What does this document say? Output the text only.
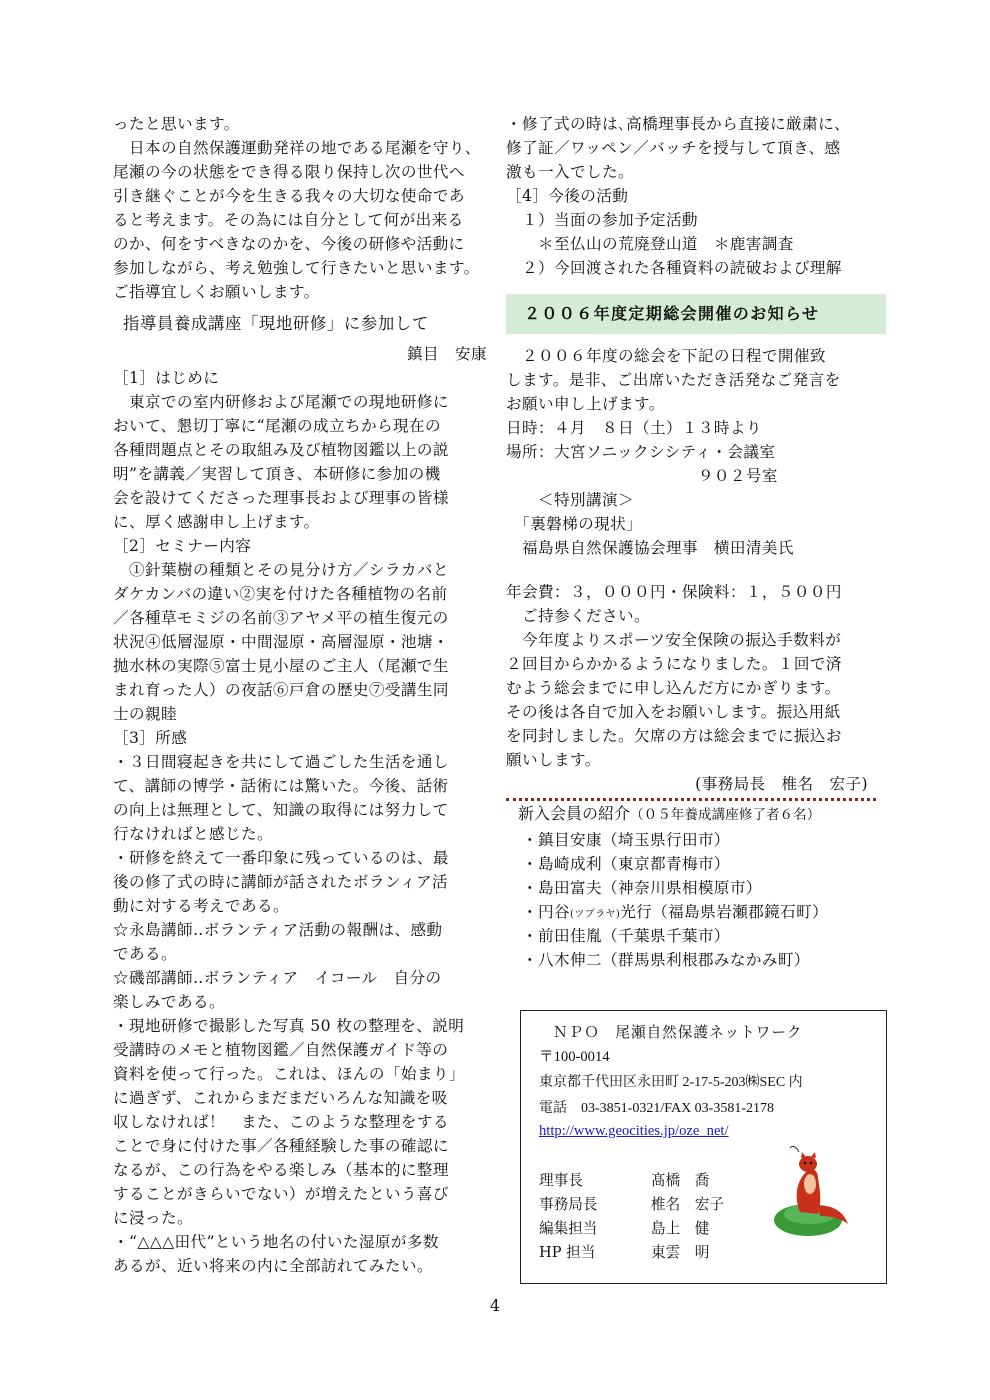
ったと思います。
　日本の自然保護運動発祥の地である尾瀬を守り、
尾瀬の今の状態をでき得る限り保持し次の世代へ
引き継ぐことが今を生きる我々の大切な使命であ
ると考えます。その為には自分として何が出来る
のか、何をすべきなのかを、今後の研修や活動に
参加しながら、考え勉強して行きたいと思います。
ご指導宜しくお願いします。
指導員養成講座「現地研修」に参加して
鎮目　安康
［1］はじめに
　東京での室内研修および尾瀬での現地研修に
おいて、懇切丁寧に“尾瀬の成立ちから現在の
各種問題点とその取組み及び植物図鑑以上の説
明”を講義／実習して頂き、本研修に参加の機
会を設けてくださった理事長および理事の皆様
に、厚く感謝申し上げます。
［2］セミナー内容
　①針葉樹の種類とその見分け方／シラカバと
ダケカンバの違い②実を付けた各種植物の名前
／各種草モミジの名前③アヤメ平の植生復元の
状況④低層湿原・中間湿原・高層湿原・池塘・
拋水林の実際⑤富士見小屋のご主人（尾瀬で生
まれ育った人）の夜話⑥戸倉の歴史⑦受講生同
士の親睦
［3］所感
・３日間寝起きを共にして過ごした生活を通し
て、講師の博学・話術には驚いた。今後、話術
の向上は無理として、知識の取得には努力して
行なければと感じた。
・研修を終えて一番印象に残っているのは、最
後の修了式の時に講師が話されたボランィア活
動に対する考えである。
☆永島講師‥ボランティア活動の報酬は、感動
である。
☆磯部講師‥ボランティア　イコール　自分の
楽しみである。
・現地研修で撮影した写真 50 枚の整理を、説明
受講時のメモと植物図鑑／自然保護ガイド等の
資料を使って行った。これは、ほんの「始まり」
に過ぎず、これからまだまだいろんな知識を吸
収しなければ！　また、このような整理をする
ことで身に付けた事／各種経験した事の確認に
なるが、この行為をやる楽しみ（基本的に整理
することがきらいでない）が増えたという喜び
に浸った。
・“△△△田代”という地名の付いた湿原が多数
あるが、近い将来の内に全部訪れてみたい。
・修了式の時は､高橋理事長から直接に厳粛に、
修了証／ワッペン／バッチを授与して頂き、感
激も一入でした。
［4］今後の活動
　１）当面の参加予定活動
　　＊至仏山の荒廃登山道　＊鹿害調査
　２）今回渡された各種資料の読破および理解
２００６年度定期総会開催のお知らせ
　２００６年度の総会を下記の日程で開催致
します。是非、ご出席いただき活発なご発言を
お願い申し上げます。
日時：４月　８日（土）１３時より
場所：大宮ソニックシシティ・会議室
　　　　　　　　　　　　９０２号室
　　＜特別講演＞
　「裏磐梯の現状」
　福島県自然保護協会理事　横田清美氏
年会費：３，０００円・保険料：１，５００円
　ご持参ください。
　今年度よりスポーツ安全保険の振込手数料が
２回目からかかるようになりました。１回で済
むよう総会までに申し込んだ方にかぎります。
その後は各自で加入をお願いします。振込用紙
を同封しました。欠席の方は総会までに振込お
願いします。
(事務局長　椎名　宏子)
新入会員の紹介（０５年養成講座修了者６名）
・鎮目安康（埼玉県行田市）
・島崎成利（東京都青梅市）
・島田富夫（神奈川県相模原市）
・円谷(ツブラヤ)光行（福島県岩瀬郡鏡石町）
・前田佳胤（千葉県千葉市）
・八木伸二（群馬県利根郡みなかみ町）
ＮＰＯ　尾瀬自然保護ネットワーク
〒100-0014
東京都千代田区永田町 2-17-5-203㈱SEC 内
電話　03-3851-0321/FAX 03-3581-2178
http://www.geocities.jp/oze_net/
理事長	髙橋　喬
事務局長	椎名　宏子
編集担当	島上　健
HP 担当	東雲　明
4
